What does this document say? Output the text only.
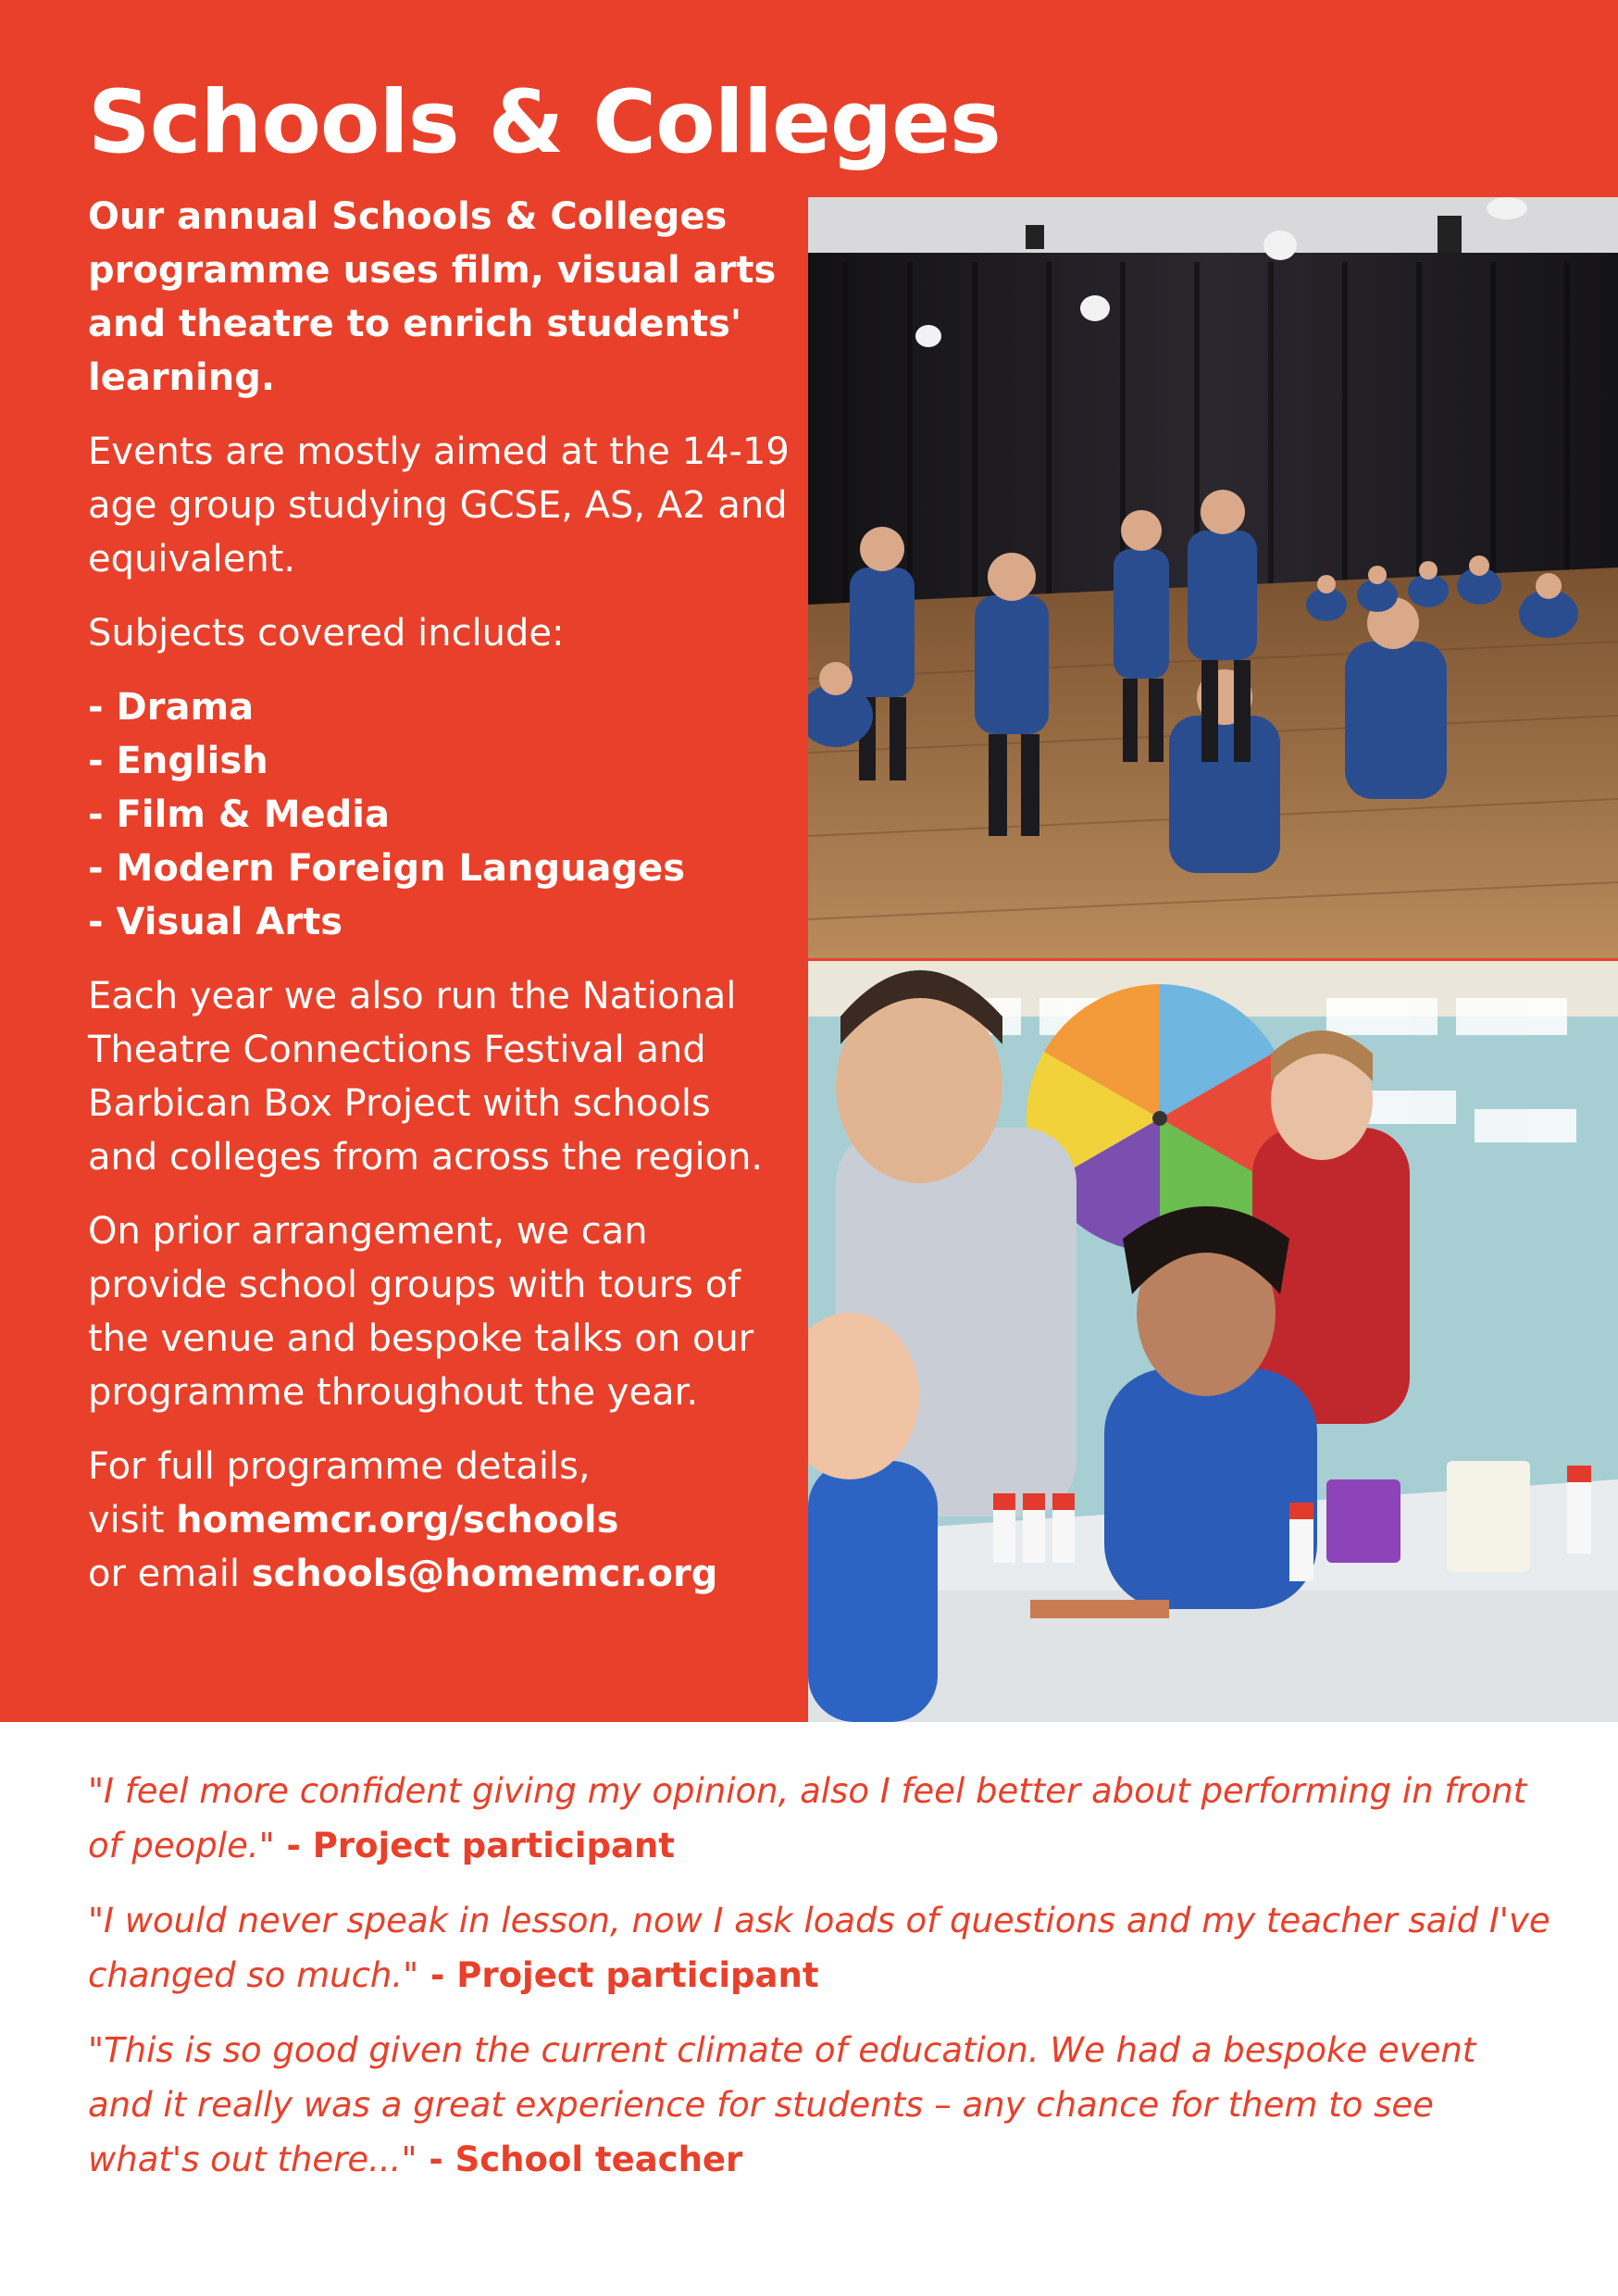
Schools & Colleges

Our annual Schools & Colleges programme uses film, visual arts and theatre to enrich students' learning.

Events are mostly aimed at the 14-19 age group studying GCSE, AS, A2 and equivalent.

Subjects covered include:

- Drama
- English
- Film & Media
- Modern Foreign Languages
- Visual Arts

Each year we also run the National Theatre Connections Festival and Barbican Box Project with schools and colleges from across the region.

On prior arrangement, we can provide school groups with tours of the venue and bespoke talks on our programme throughout the year.

For full programme details,
visit homemcr.org/schools
or email schools@homemcr.org

"I feel more confident giving my opinion, also I feel better about performing in front of people." - Project participant

"I would never speak in lesson, now I ask loads of questions and my teacher said I've changed so much." - Project participant

"This is so good given the current climate of education. We had a bespoke event and it really was a great experience for students – any chance for them to see what's out there..." - School teacher
